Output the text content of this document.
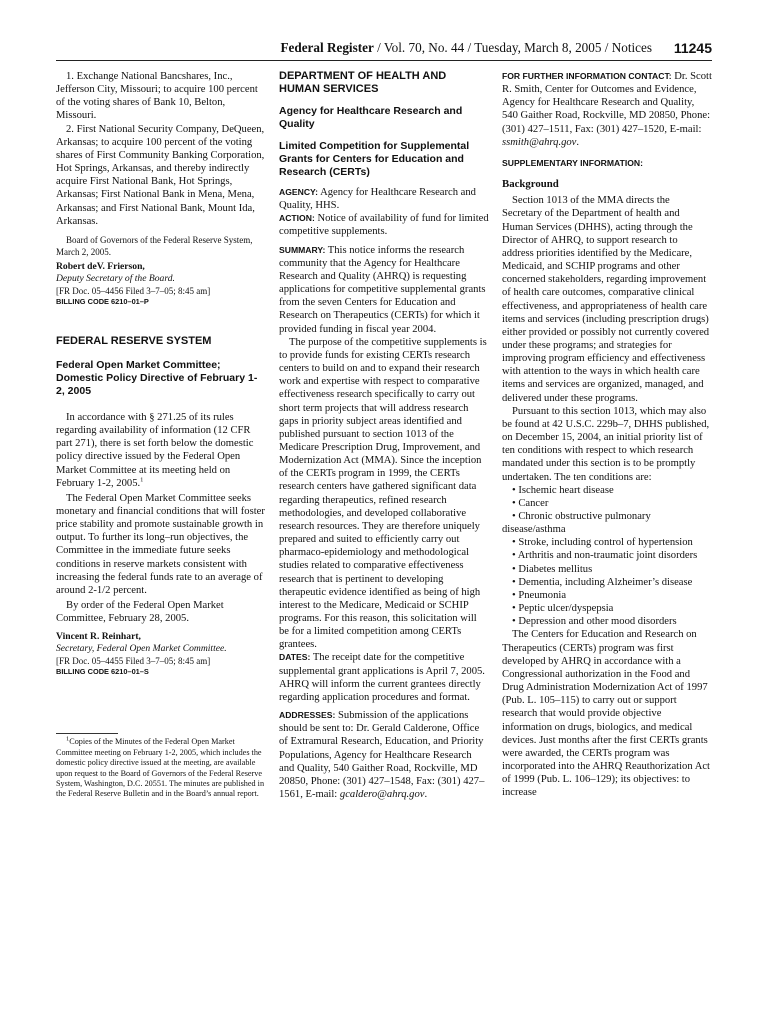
Federal Register / Vol. 70, No. 44 / Tuesday, March 8, 2005 / Notices 11245

1. Exchange National Bancshares, Inc., Jefferson City, Missouri; to acquire 100 percent of the voting shares of Bank 10, Belton, Missouri.

2. First National Security Company, DeQueen, Arkansas; to acquire 100 percent of the voting shares of First Community Banking Corporation, Hot Springs, Arkansas, and thereby indirectly acquire First National Bank, Hot Springs, Arkansas; First National Bank in Mena, Mena, Arkansas; and First National Bank, Mount Ida, Arkansas.

Board of Governors of the Federal Reserve System, March 2, 2005.

Robert deV. Frierson,

Deputy Secretary of the Board.

[FR Doc. 05–4456 Filed 3–7–05; 8:45 am]

BILLING CODE 6210–01–P

FEDERAL RESERVE SYSTEM

Federal Open Market Committee; Domestic Policy Directive of February 1-2, 2005

In accordance with § 271.25 of its rules regarding availability of information (12 CFR part 271), there is set forth below the domestic policy directive issued by the Federal Open Market Committee at its meeting held on February 1-2, 2005.$^1$

The Federal Open Market Committee seeks monetary and financial conditions that will foster price stability and promote sustainable growth in output. To further its long–run objectives, the Committee in the immediate future seeks conditions in reserve markets consistent with increasing the federal funds rate to an average of around 2-1/2 percent.

By order of the Federal Open Market Committee, February 28, 2005.

Vincent R. Reinhart,

Secretary, Federal Open Market Committee.

[FR Doc. 05–4455 Filed 3–7–05; 8:45 am]

BILLING CODE 6210–01–S

$^1$Copies of the Minutes of the Federal Open Market Committee meeting on February 1-2, 2005, which includes the domestic policy directive issued at the meeting, are available upon request to the Board of Governors of the Federal Reserve System, Washington, D.C. 20551. The minutes are published in the Federal Reserve Bulletin and in the Board’s annual report.

DEPARTMENT OF HEALTH AND HUMAN SERVICES

Agency for Healthcare Research and Quality

Limited Competition for Supplemental Grants for Centers for Education and Research (CERTs)

AGENCY: Agency for Healthcare Research and Quality, HHS.

ACTION: Notice of availability of fund for limited competitive supplements.

SUMMARY: This notice informs the research community that the Agency for Healthcare Research and Quality (AHRQ) is requesting applications for competitive supplemental grants from the seven Centers for Education and Research on Therapeutics (CERTs) for which it provided funding in fiscal year 2004.

The purpose of the competitive supplements is to provide funds for existing CERTs research centers to build on and to expand their research work and expertise with respect to comparative effectiveness research specifically to carry out short term projects that will address research gaps in priority subject areas identified and published pursuant to section 1013 of the Medicare Prescription Drug, Improvement, and Modernization Act (MMA). Since the inception of the CERTs program in 1999, the CERTs research centers have gathered significant data regarding therapeutics, refined research methodologies, and developed collaborative research resources. They are therefore uniquely prepared and suited to efficiently carry out pharmaco-epidemiology and methodological studies related to comparative effectiveness research that is pertinent to developing therapeutic evidence identified as being of high interest to the Medicare, Medicaid or SCHIP programs. For this reason, this solicitation will be for a limited competition among CERTs grantees.

DATES: The receipt date for the competitive supplemental grant applications is April 7, 2005. AHRQ will inform the current grantees directly regarding application procedures and format.

ADDRESSES: Submission of the applications should be sent to: Dr. Gerald Calderone, Office of Extramural Research, Education, and Priority Populations, Agency for Healthcare Research and Quality, 540 Gaither Road, Rockville, MD 20850, Phone: (301) 427–1548, Fax: (301) 427–1561, E-mail: gcaldero@ahrq.gov.

FOR FURTHER INFORMATION CONTACT: Dr. Scott R. Smith, Center for Outcomes and Evidence, Agency for Healthcare Research and Quality, 540 Gaither Road, Rockville, MD 20850, Phone: (301) 427–1511, Fax: (301) 427–1520, E-mail: ssmith@ahrq.gov.

SUPPLEMENTARY INFORMATION:

Background

Section 1013 of the MMA directs the Secretary of the Department of health and Human Services (DHHS), acting through the Director of AHRQ, to support research to address priorities identified by the Medicare, Medicaid, and SCHIP programs and other concerned stakeholders, regarding improvement of health care outcomes, comparative clinical effectiveness, and appropriateness of health care items and services (including prescription drugs) either provided or possibly not currently covered under these programs; and strategies for improving program efficiency and effectiveness with attention to the ways in which health care items and services are organized, managed, and delivered under these programs.

Pursuant to this section 1013, which may also be found at 42 U.S.C. 229b–7, DHHS published, on December 15, 2004, an initial priority list of ten conditions with respect to which research mandated under this section is to be promptly undertaken. The ten conditions are:

• Ischemic heart disease

• Cancer

• Chronic obstructive pulmonary disease/asthma

• Stroke, including control of hypertension

• Arthritis and non-traumatic joint disorders

• Diabetes mellitus

• Dementia, including Alzheimer’s disease

• Pneumonia

• Peptic ulcer/dyspepsia

• Depression and other mood disorders

The Centers for Education and Research on Therapeutics (CERTs) program was first developed by AHRQ in accordance with a Congressional authorization in the Food and Drug Administration Modernization Act of 1997 (Pub. L. 105–115) to carry out or support research that would provide objective information on drugs, biologics, and medical devices. Just months after the first CERTs grants were awarded, the CERTs program was incorporated into the AHRQ Reauthorization Act of 1999 (Pub. L. 106–129); its objectives: to increase
